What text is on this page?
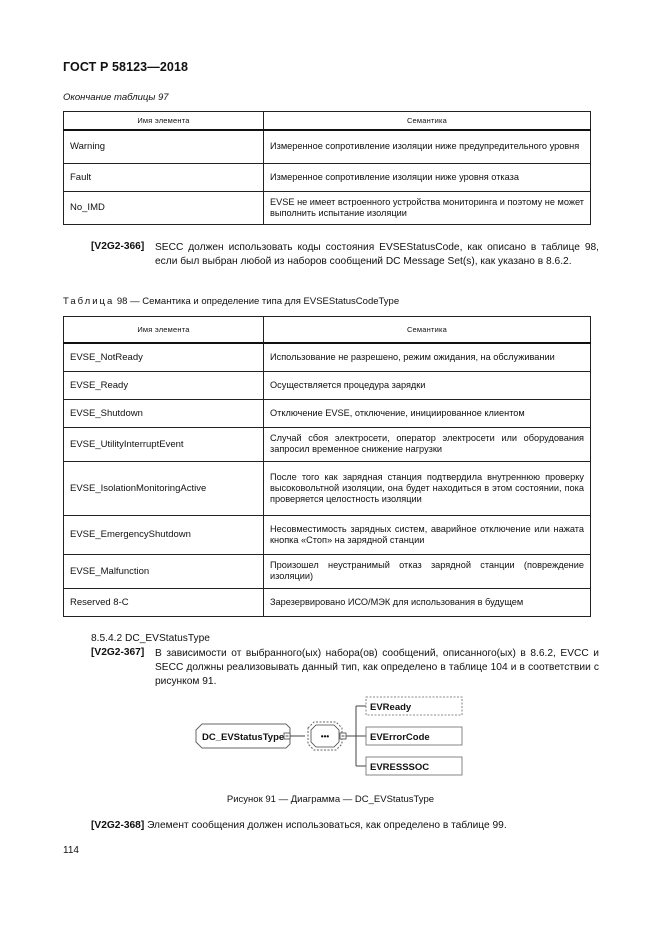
ГОСТ Р 58123—2018
Окончание таблицы 97
Имя элемента	Семантика
Warning	Измеренное сопротивление изоляции ниже предупредительного уровня
Fault	Измеренное сопротивление изоляции ниже уровня отказа
No_IMD	EVSE не имеет встроенного устройства мониторинга и поэтому не может выполнить испытание изоляции
[V2G2-366] SECC должен использовать коды состояния EVSEStatusCode, как описано в таблице 98, если был выбран любой из наборов сообщений DC Message Set(s), как указано в 8.6.2.
Таблица 98 — Семантика и определение типа для EVSEStatusCodeType
Имя элемента	Семантика
EVSE_NotReady	Использование не разрешено, режим ожидания, на обслуживании
EVSE_Ready	Осуществляется процедура зарядки
EVSE_Shutdown	Отключение EVSE, отключение, инициированное клиентом
EVSE_UtilityInterruptEvent	Случай сбоя электросети, оператор электросети или оборудования запросил временное снижение нагрузки
EVSE_IsolationMonitoringActive	После того как зарядная станция подтвердила внутреннюю проверку высоковольтной изоляции, она будет находиться в этом состоянии, пока проверяется целостность изоляции
EVSE_EmergencyShutdown	Несовместимость зарядных систем, аварийное отключение или нажата кнопка «Стоп» на зарядной станции
EVSE_Malfunction	Произошел неустранимый отказ зарядной станции (повреждение изоляции)
Reserved 8-C	Зарезервировано ИСО/МЭК для использования в будущем
8.5.4.2 DC_EVStatusType
[V2G2-367] В зависимости от выбранного(ых) набора(ов) сообщений, описанного(ых) в 8.6.2, EVCC и SECC должны реализовывать данный тип, как определено в таблице 104 и в соответствии с рисунком 91.
DC_EVStatusType	•••
EVReady
EVErrorCode
EVRESSSOC
Рисунок 91 — Диаграмма — DC_EVStatusType
[V2G2-368] Элемент сообщения должен использоваться, как определено в таблице 99.
114
